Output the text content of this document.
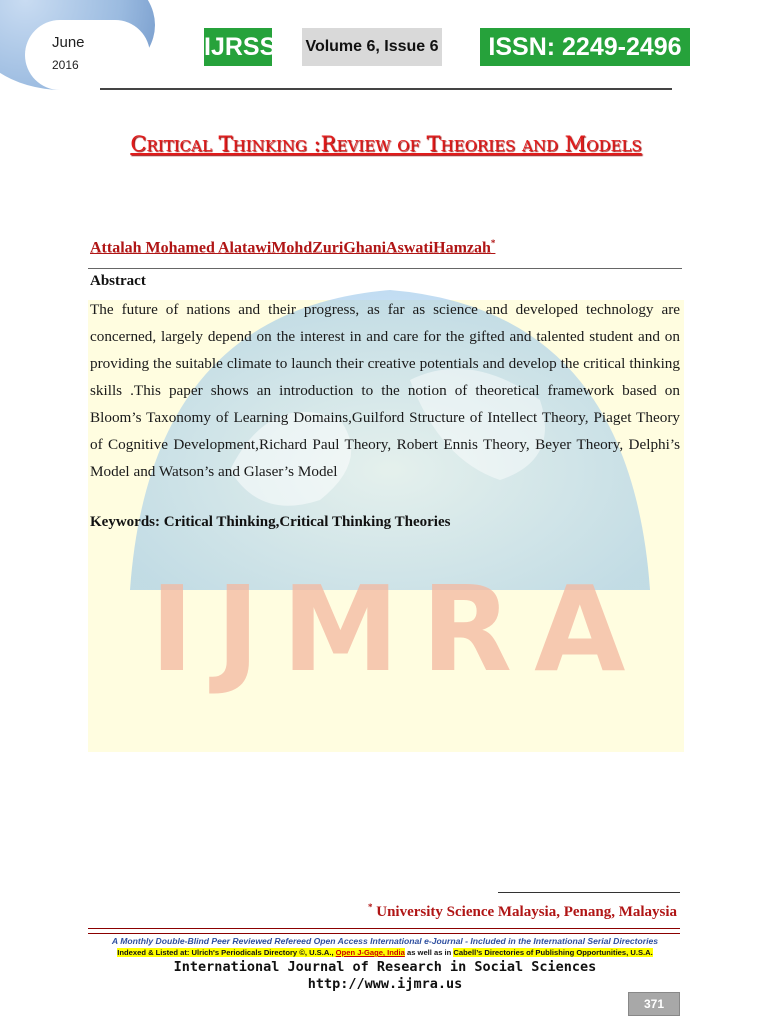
IJMRA
June
2016
IJRSS Volume 6, Issue 6	ISSN: 2249-2496
Critical Thinking :Review of Theories and Models
Attalah Mohamed AlatawiMohdZuriGhaniAswatiHamzah*
Abstract
The future of nations and their progress, as far as science and developed technology are concerned, largely depend on the interest in and care for the gifted and talented student and on providing the suitable climate to launch their creative potentials and develop the critical thinking skills .This paper shows an introduction to the notion of theoretical framework based on Bloom’s Taxonomy of Learning Domains,Guilford Structure of Intellect Theory, Piaget Theory of Cognitive Development,Richard Paul Theory, Robert Ennis Theory, Beyer Theory, Delphi’s Model and Watson’s and Glaser’s Model
Keywords: Critical Thinking,Critical Thinking Theories
* University Science Malaysia, Penang, Malaysia
A Monthly Double-Blind Peer Reviewed Refereed Open Access International e-Journal - Included in the International Serial Directories
Indexed & Listed at: Ulrich's Periodicals Directory ©, U.S.A., Open J-Gage, India as well as in Cabell’s Directories of Publishing Opportunities, U.S.A.
International Journal of Research in Social Sciences
http://www.ijmra.us
371
